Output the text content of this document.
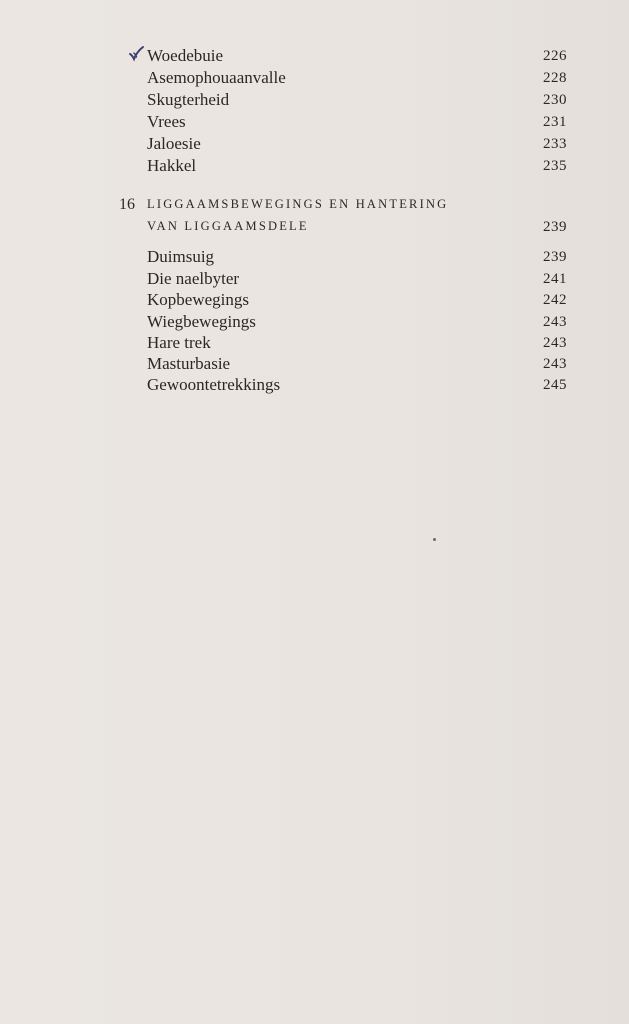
Woedebuie	226
Asemophouaanvalle	228
Skugterheid	230
Vrees	231
Jaloesie	233
Hakkel	235
16 LIGGAAMSBEWEGINGS EN HANTERING
VAN LIGGAAMSDELE	239
Duimsuig	239
Die naelbyter	241
Kopbewegings	242
Wiegbewegings	243
Hare trek	243
Masturbasie	243
Gewoontetrekkings	245
